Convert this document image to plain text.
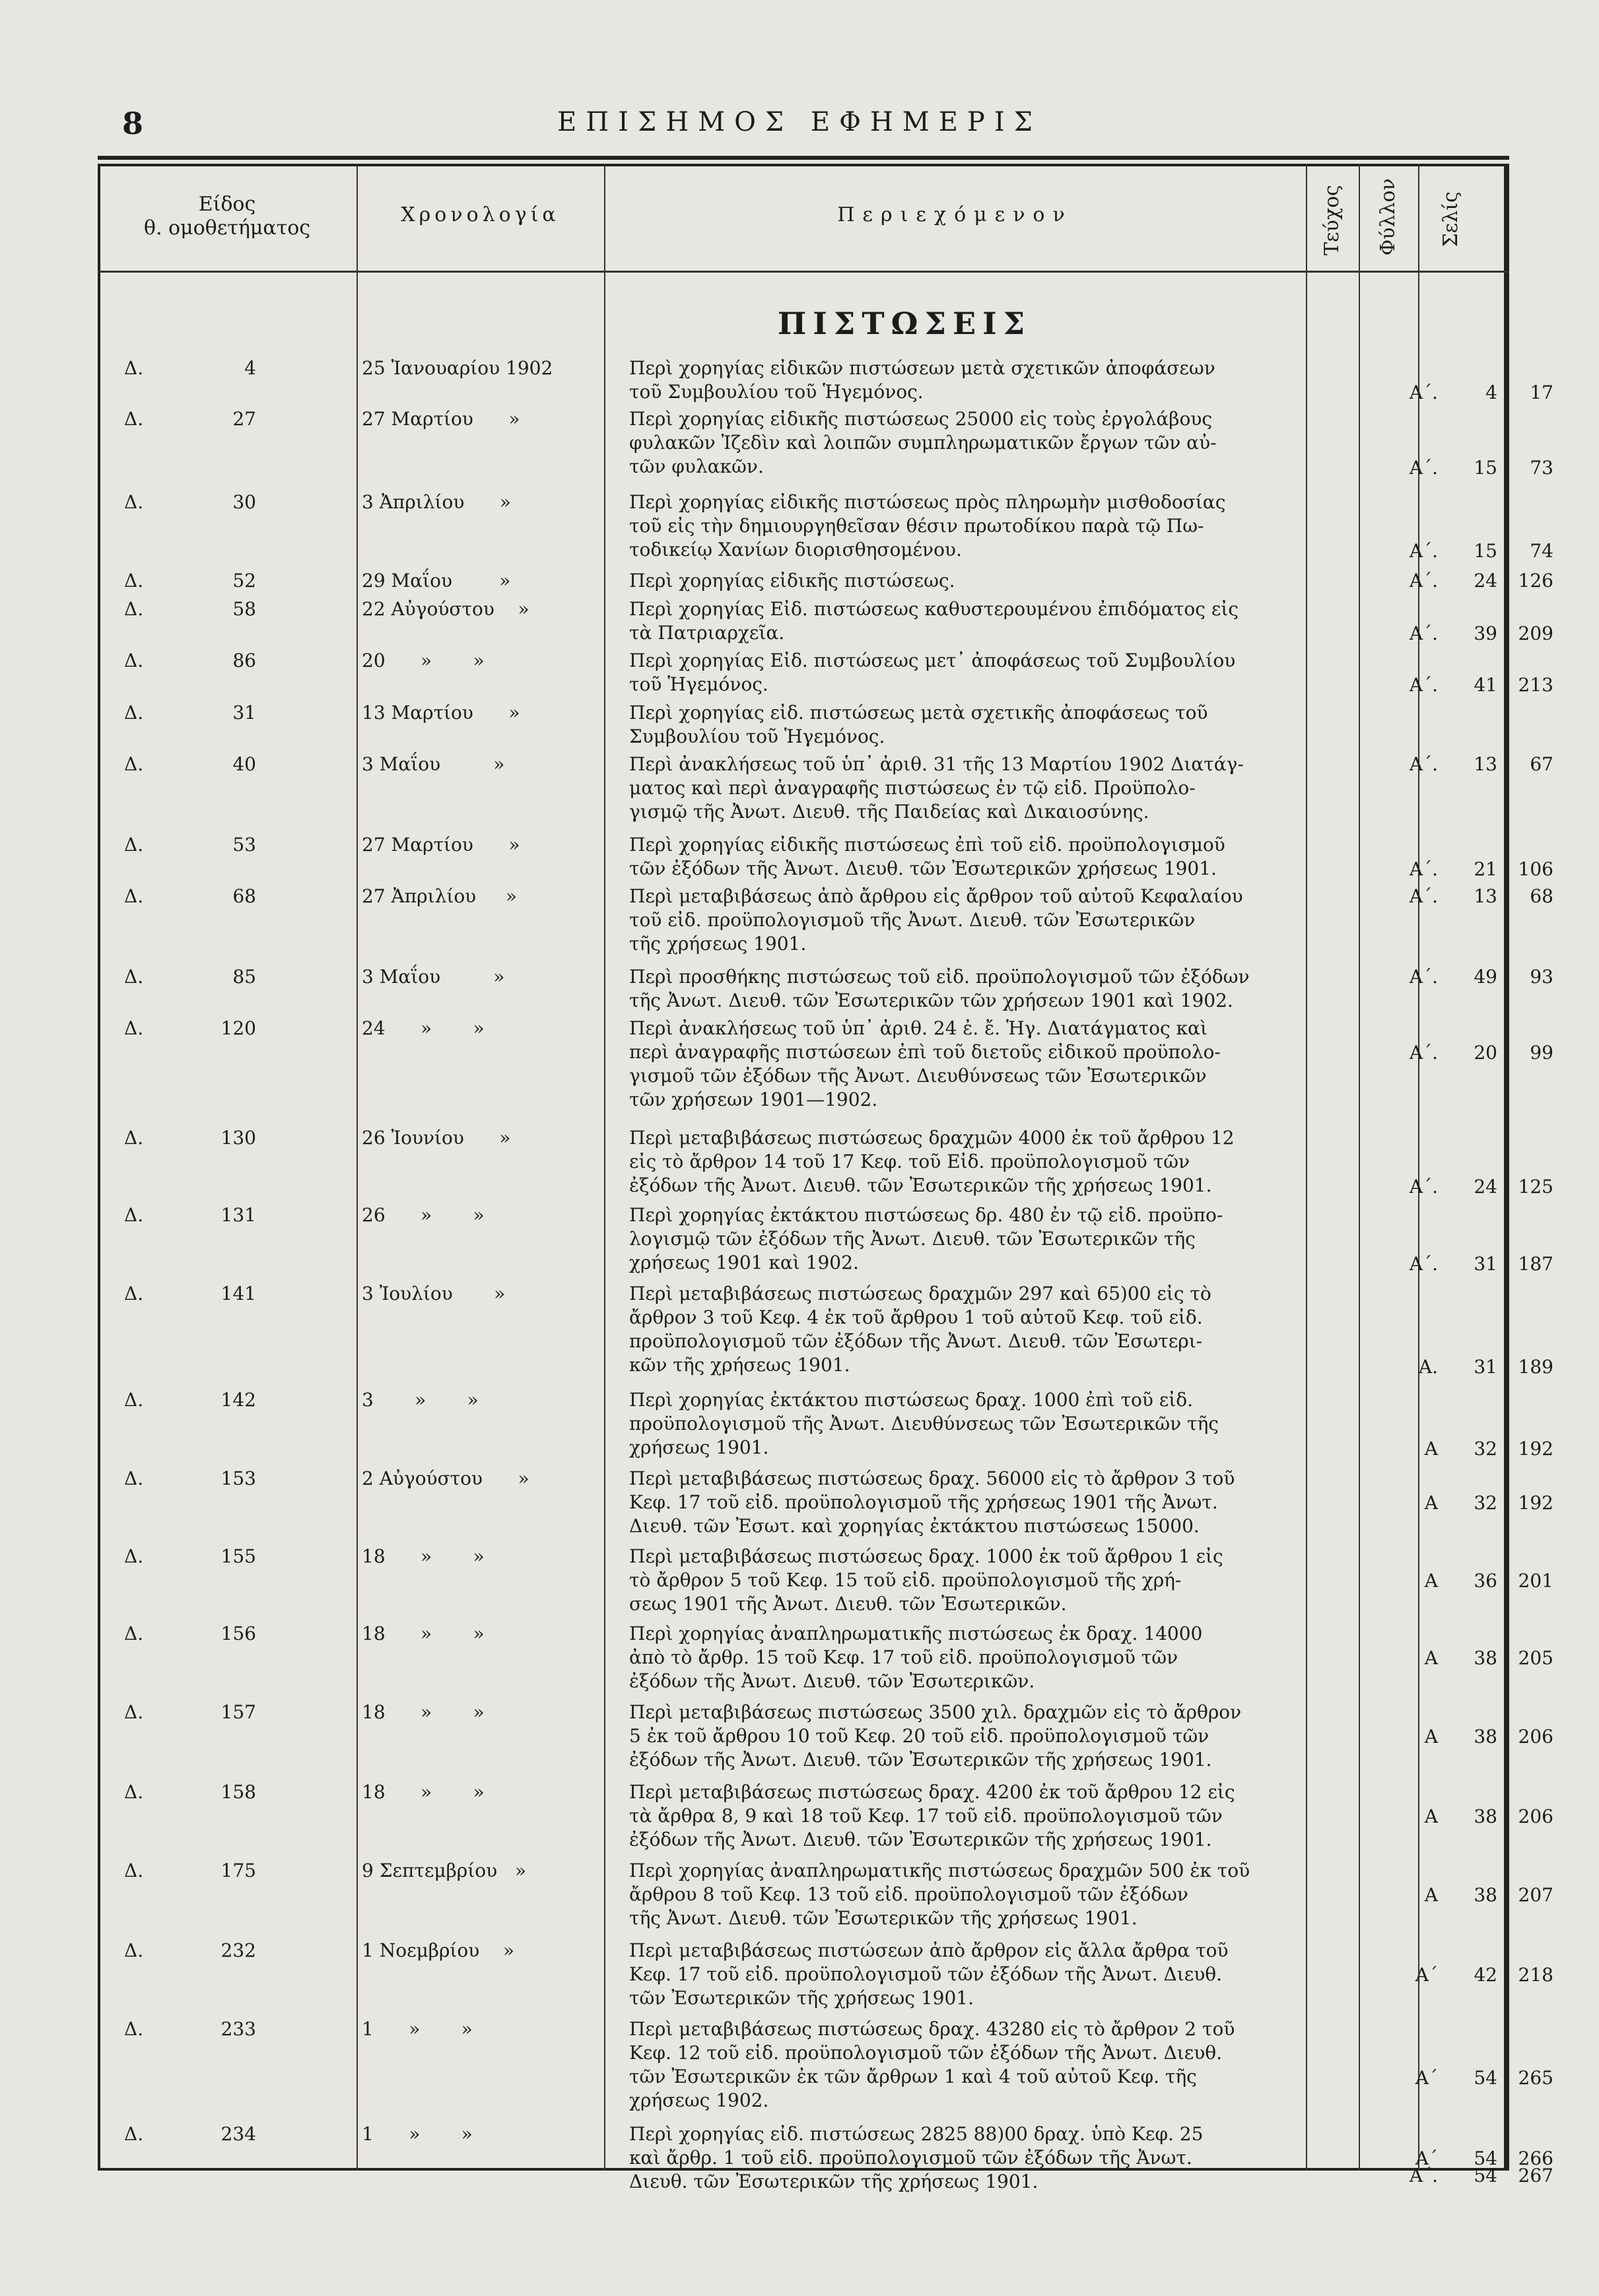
8	ΕΠΙΣΗΜΟΣ ΕΦΗΜΕΡΙΣ
Είδος
θ. ομοθετήματος
Χρονολογία	Περιεχόμενον	Τεύχος Φύλλον Σελίς
ΠΙΣΤΩΣΕΙΣ
Δ.	4	25 Ἰανουαρίου 1902	Περὶ χορηγίας εἰδικῶν πιστώσεων μετὰ σχετικῶν ἀποφάσεων
τοῦ Συμβουλίου τοῦ Ἡγεμόνος.	Α΄.	4	17
Δ.	27	27 Μαρτίου      »	Περὶ χορηγίας εἰδικῆς πιστώσεως 25000 εἰς τοὺς ἐργολάβους
φυλακῶν Ἰζεδὶν καὶ λοιπῶν συμπληρωματικῶν ἔργων τῶν αὐ-
τῶν φυλακῶν.	Α΄.	15	73
Δ.	30	3 Ἀπριλίου      »	Περὶ χορηγίας εἰδικῆς πιστώσεως πρὸς πληρωμὴν μισθοδοσίας
τοῦ εἰς τὴν δημιουργηθεῖσαν θέσιν πρωτοδίκου παρὰ τῷ Πω-
τοδικείῳ Χανίων διορισθησομένου.	Α΄.	15	74
Δ.	52	29 Μαΐου        »	Περὶ χορηγίας εἰδικῆς πιστώσεως.	Α΄.	24	126
Δ.	58	22 Αὐγούστου    »	Περὶ χορηγίας Εἰδ. πιστώσεως καθυστερουμένου ἐπιδόματος εἰς
τὰ Πατριαρχεῖα.	Α΄.	39	209
Δ.	86	20      »       »	Περὶ χορηγίας Εἰδ. πιστώσεως μετ᾽ ἀποφάσεως τοῦ Συμβουλίου
τοῦ Ἡγεμόνος.	Α΄.	41	213
Δ.	31	13 Μαρτίου      »	Περὶ χορηγίας εἰδ. πιστώσεως μετὰ σχετικῆς ἀποφάσεως τοῦ
Συμβουλίου τοῦ Ἡγεμόνος.
Δ.	40	3 Μαΐου         »	Περὶ ἀνακλήσεως τοῦ ὑπ᾽ ἀριθ. 31 τῆς 13 Μαρτίου 1902 Διατάγ-
ματος καὶ περὶ ἀναγραφῆς πιστώσεως ἐν τῷ εἰδ. Προϋπολο-
γισμῷ τῆς Ἀνωτ. Διευθ. τῆς Παιδείας καὶ Δικαιοσύνης.
Α΄.	13	67
Δ.	53	27 Μαρτίου      »	Περὶ χορηγίας εἰδικῆς πιστώσεως ἐπὶ τοῦ εἰδ. προϋπολογισμοῦ
τῶν ἐξόδων τῆς Ἀνωτ. Διευθ. τῶν Ἐσωτερικῶν χρήσεως 1901.	Α΄.	21	106
Δ.	68	27 Ἀπριλίου     »	Περὶ μεταβιβάσεως ἀπὸ ἄρθρου εἰς ἄρθρον τοῦ αὐτοῦ Κεφαλαίου
τοῦ εἰδ. προϋπολογισμοῦ τῆς Ἀνωτ. Διευθ. τῶν Ἐσωτερικῶν
τῆς χρήσεως 1901.
Α΄.	13	68
Δ.	85	3 Μαΐου         »	Περὶ προσθήκης πιστώσεως τοῦ εἰδ. προϋπολογισμοῦ τῶν ἐξόδων
τῆς Ἀνωτ. Διευθ. τῶν Ἐσωτερικῶν τῶν χρήσεων 1901 καὶ 1902.
Α΄.	49	93
Δ.	120	24      »       »	Περὶ ἀνακλήσεως τοῦ ὑπ᾽ ἀριθ. 24 ἐ. ἔ. Ἡγ. Διατάγματος καὶ
περὶ ἀναγραφῆς πιστώσεων ἐπὶ τοῦ διετοῦς εἰδικοῦ προϋπολο-
γισμοῦ τῶν ἐξόδων τῆς Ἀνωτ. Διευθύνσεως τῶν Ἐσωτερικῶν
τῶν χρήσεων 1901—1902.
Α΄.	20	99
Δ.	130	26 Ἰουνίου      »	Περὶ μεταβιβάσεως πιστώσεως δραχμῶν 4000 ἐκ τοῦ ἄρθρου 12
εἰς τὸ ἄρθρον 14 τοῦ 17 Κεφ. τοῦ Εἰδ. προϋπολογισμοῦ τῶν
ἐξόδων τῆς Ἀνωτ. Διευθ. τῶν Ἐσωτερικῶν τῆς χρήσεως 1901.	Α΄.	24	125
Δ.	131	26      »       »	Περὶ χορηγίας ἐκτάκτου πιστώσεως δρ. 480 ἐν τῷ εἰδ. προϋπο-
λογισμῷ τῶν ἐξόδων τῆς Ἀνωτ. Διευθ. τῶν Ἐσωτερικῶν τῆς
χρήσεως 1901 καὶ 1902.	Α΄.	31	187
Δ.	141	3 Ἰουλίου       »	Περὶ μεταβιβάσεως πιστώσεως δραχμῶν 297 καὶ 65)00 εἰς τὸ
ἄρθρον 3 τοῦ Κεφ. 4 ἐκ τοῦ ἄρθρου 1 τοῦ αὐτοῦ Κεφ. τοῦ εἰδ.
προϋπολογισμοῦ τῶν ἐξόδων τῆς Ἀνωτ. Διευθ. τῶν Ἐσωτερι-
κῶν τῆς χρήσεως 1901.	Α.	31	189
Δ.	142	3       »       »	Περὶ χορηγίας ἐκτάκτου πιστώσεως δραχ. 1000 ἐπὶ τοῦ εἰδ.
προϋπολογισμοῦ τῆς Ἀνωτ. Διευθύνσεως τῶν Ἐσωτερικῶν τῆς
χρήσεως 1901.	Α	32	192
Δ.	153	2 Αὐγούστου      »	Περὶ μεταβιβάσεως πιστώσεως δραχ. 56000 εἰς τὸ ἄρθρον 3 τοῦ
Κεφ. 17 τοῦ εἰδ. προϋπολογισμοῦ τῆς χρήσεως 1901 τῆς Ἀνωτ.
Διευθ. τῶν Ἐσωτ. καὶ χορηγίας ἐκτάκτου πιστώσεως 15000.
Α	32	192
Δ.	155	18      »       »	Περὶ μεταβιβάσεως πιστώσεως δραχ. 1000 ἐκ τοῦ ἄρθρου 1 εἰς
τὸ ἄρθρον 5 τοῦ Κεφ. 15 τοῦ εἰδ. προϋπολογισμοῦ τῆς χρή-
σεως 1901 τῆς Ἀνωτ. Διευθ. τῶν Ἐσωτερικῶν.
Α	36	201
Δ.	156	18      »       »	Περὶ χορηγίας ἀναπληρωματικῆς πιστώσεως ἐκ δραχ. 14000
ἀπὸ τὸ ἄρθρ. 15 τοῦ Κεφ. 17 τοῦ εἰδ. προϋπολογισμοῦ τῶν
ἐξόδων τῆς Ἀνωτ. Διευθ. τῶν Ἐσωτερικῶν.
Α	38	205
Δ.	157	18      »       »	Περὶ μεταβιβάσεως πιστώσεως 3500 χιλ. δραχμῶν εἰς τὸ ἄρθρον
5 ἐκ τοῦ ἄρθρου 10 τοῦ Κεφ. 20 τοῦ εἰδ. προϋπολογισμοῦ τῶν
ἐξόδων τῆς Ἀνωτ. Διευθ. τῶν Ἐσωτερικῶν τῆς χρήσεως 1901.
Α	38	206
Δ.	158	18      »       »	Περὶ μεταβιβάσεως πιστώσεως δραχ. 4200 ἐκ τοῦ ἄρθρου 12 εἰς
τὰ ἄρθρα 8, 9 καὶ 18 τοῦ Κεφ. 17 τοῦ εἰδ. προϋπολογισμοῦ τῶν
ἐξόδων τῆς Ἀνωτ. Διευθ. τῶν Ἐσωτερικῶν τῆς χρήσεως 1901.
Α	38	206
Δ.	175	9 Σεπτεμβρίου   »	Περὶ χορηγίας ἀναπληρωματικῆς πιστώσεως δραχμῶν 500 ἐκ τοῦ
ἄρθρου 8 τοῦ Κεφ. 13 τοῦ εἰδ. προϋπολογισμοῦ τῶν ἐξόδων
τῆς Ἀνωτ. Διευθ. τῶν Ἐσωτερικῶν τῆς χρήσεως 1901.
Α	38	207
Δ.	232	1 Νοεμβρίου    »	Περὶ μεταβιβάσεως πιστώσεων ἀπὸ ἄρθρον εἰς ἄλλα ἄρθρα τοῦ
Κεφ. 17 τοῦ εἰδ. προϋπολογισμοῦ τῶν ἐξόδων τῆς Ἀνωτ. Διευθ.
τῶν Ἐσωτερικῶν τῆς χρήσεως 1901.
Α΄	42	218
Δ.	233	1      »       »	Περὶ μεταβιβάσεως πιστώσεως δραχ. 43280 εἰς τὸ ἄρθρον 2 τοῦ
Κεφ. 12 τοῦ εἰδ. προϋπολογισμοῦ τῶν ἐξόδων τῆς Ἀνωτ. Διευθ.
τῶν Ἐσωτερικῶν ἐκ τῶν ἄρθρων 1 καὶ 4 τοῦ αὐτοῦ Κεφ. τῆς
χρήσεως 1902.
Α΄	54	265
Δ.	234	1      »       »	Περὶ χορηγίας εἰδ. πιστώσεως 2825 88)00 δραχ. ὑπὸ Κεφ. 25
καὶ ἄρθρ. 1 τοῦ εἰδ. προϋπολογισμοῦ τῶν ἐξόδων τῆς Ἀνωτ.
Διευθ. τῶν Ἐσωτερικῶν τῆς χρήσεως 1901.
Α΄	54	266
Α΄.	54	267
